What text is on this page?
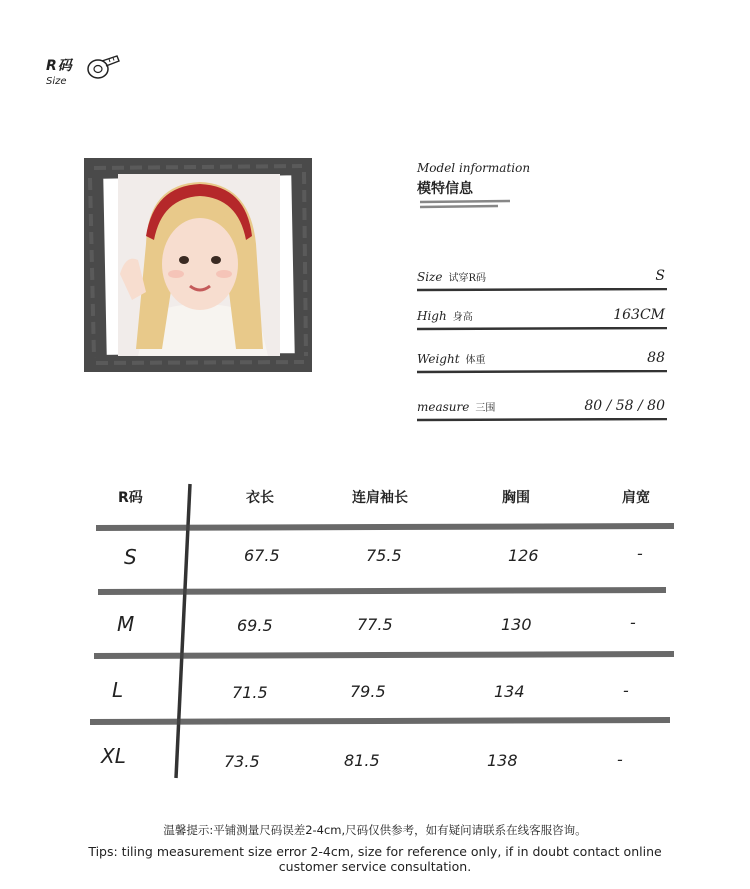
R码
Size
Model information
模特信息
Size 试穿R码	S
High 身高	163CM
Weight 体重	88
measure 三围	80 / 58 / 80
R码	衣长	连肩袖长	胸围	肩宽
S	67.5	75.5	126	-
M	69.5	77.5	130	-
L	71.5	79.5	134	-
XL	73.5	81.5	138	-
温馨提示:平铺测量尺码误差2-4cm,尺码仅供参考，如有疑问请联系在线客服咨询。
Tips: tiling measurement size error 2-4cm, size for reference only, if in doubt contact online
customer service consultation.
